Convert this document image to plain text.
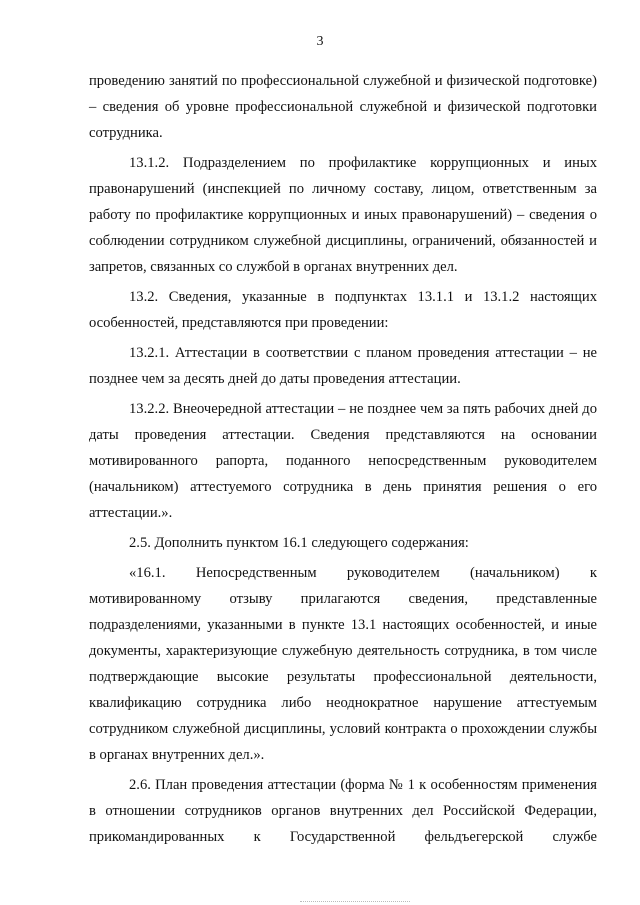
3

проведению занятий по профессиональной служебной и физической подготовке) – сведения об уровне профессиональной служебной и физической подготовки сотрудника.

13.1.2. Подразделением по профилактике коррупционных и иных правонарушений (инспекцией по личному составу, лицом, ответственным за работу по профилактике коррупционных и иных правонарушений) – сведения о соблюдении сотрудником служебной дисциплины, ограничений, обязанностей и запретов, связанных со службой в органах внутренних дел.

13.2. Сведения, указанные в подпунктах 13.1.1 и 13.1.2 настоящих особенностей, представляются при проведении:

13.2.1. Аттестации в соответствии с планом проведения аттестации – не позднее чем за десять дней до даты проведения аттестации.

13.2.2. Внеочередной аттестации – не позднее чем за пять рабочих дней до даты проведения аттестации. Сведения представляются на основании мотивированного рапорта, поданного непосредственным руководителем (начальником) аттестуемого сотрудника в день принятия решения о его аттестации.».

2.5. Дополнить пунктом 16.1 следующего содержания:

«16.1. Непосредственным руководителем (начальником) к мотивированному отзыву прилагаются сведения, представленные подразделениями, указанными в пункте 13.1 настоящих особенностей, и иные документы, характеризующие служебную деятельность сотрудника, в том числе подтверждающие высокие результаты профессиональной деятельности, квалификацию сотрудника либо неоднократное нарушение аттестуемым сотрудником служебной дисциплины, условий контракта о прохождении службы в органах внутренних дел.».

2.6. План проведения аттестации (форма № 1 к особенностям применения в отношении сотрудников органов внутренних дел Российской Федерации, прикомандированных к Государственной фельдъегерской службе
